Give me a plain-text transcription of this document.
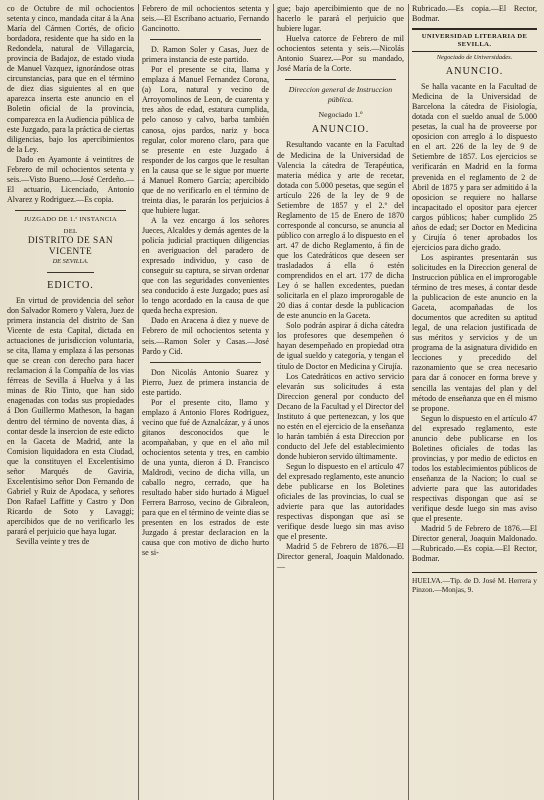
co de Octubre de mil ochocientos setenta y cinco, mandada citar á la Ana María del Cármen Cortés, de oficio bordadora, residente que ha sido en la Redondela, natural de Villagarcia, provincia de Badajoz, de estado viuda de Manuel Vazquez, ignorándose otras circunstancias, para que en el término de diez dias siguientes al en que aparezca inserta este anuncio en el Boletin oficial de la provincia, comparezca en la Audiencia pública de este Juzgado, para la práctica de ciertas diligencias, bajo los apercibimientos de la Ley.

Dado en Ayamonte á veintitres de Febrero de mil ochocientos setenta y seis.—Visto Bueno.—José Cerdeño.—El actuario, Licenciado, Antonio Alvarez y Rodriguez.—Es copia.

JUZGADO DE 1.ª INSTANCIA
DEL
DISTRITO DE SAN VICENTE
DE SEVILLA.
EDICTO.

En virtud de providencia del señor don Salvador Romero y Valera, Juez de primera instancia del distrito de San Vicente de esta Capital, dictada en actuaciones de jurisdiccion voluntaria, se cita, llama y emplaza á las personas que se crean con derecho para hacer reclamacion á la Compañía de los vias férreas de Sevilla á Huelva y á las minas de Rio Tinto, que han sido enagenadas con todas sus propiedades á Don Guillermo Matheson, la hagan dentro del término de noventa dias, á contar desde la insercion de este edicto en la Gaceta de Madrid, ante la Comision liquidadora en esta Ciudad, que la constituyen el Excelentísimo señor Marqués de Gaviria, Excelentísimo señor Don Fernando de Gabriel y Ruiz de Apodaca, y señores Don Rafael Laffitte y Castro y Don Ricardo de Soto y Lavaggi; apercibidos que de no verificarlo les parará el perjuicio que haya lugar.

Sevilla veinte y tres de

Febrero de mil ochocientos setenta y seis.—El Escribano actuario, Fernando Gancinotto.

D. Ramon Soler y Casas, Juez de primera instancia de este partido.

Por el presente se cita, llama y emplaza á Manuel Fernandez Corona, (a) Lora, natural y vecino de Arroyomolinos de Leon, de cuarenta y tres años de edad, estatura cumplida, pelo canoso y calvo, barba también canosa, ojos pardos, nariz y boca regular, color moreno claro, para que se presente en este Juzgado á responder de los cargos que le resultan en la causa que se le sigue por muerte á Manuel Romero García; apercibido que de no verificarlo en el término de treinta dias, le pararán los perjuicios á que hubiere lugar.

A la vez encargo á los señores Jueces, Alcaldes y demás agentes de la policía judicial practiquen diligencias en averiguacion del paradero de expresado individuo, y caso de conseguir su captura, se sirvan ordenar que con las seguridades convenientes sea conducido á este Juzgado; pues así lo tengo acordado en la causa de que queda hecha expresion.

Dado en Aracena á diez y nueve de Febrero de mil ochocientos setenta y seis.—Ramon Soler y Casas.—José Pardo y Cid.

Don Nicolás Antonio Suarez y Pierro, Juez de primera instancia de este partido.

Por el presente cito, llamo y emplazo á Antonio Flores Rodriguez, vecino que fué de Aznalcázar, y á unos gitanos desconocidos que le acompañaban, y que en el año mil ochocientos setenta y tres, en cambio de una yunta, dieron á D. Francisco Maldrodi, vecino de dicha villa, un caballo negro, cerrado, que ha resultado haber sido hurtado á Miguel Ferrera Barroso, vecino de Gibraleon, para que en el término de veinte dias se presenten en los estrados de este Juzgado á prestar declaracion en la causa que con motivo de dicho hurto se si-

gue; bajo apercibimiento que de no hacerlo le parará el perjuicio que hubiere lugar.

Huelva catorce de Febrero de mil ochocientos setenta y seis.—Nicolás Antonio Suarez.—Por su mandado, José María de la Corte.

Direccion general de Instruccion pública.
Negociado 1.º
ANUNCIO.

Resultando vacante en la Facultad de Medicina de la Universidad de Valencia la cátedra de Terapéutica, materia médica y arte de recetar, dotada con 5.000 pesetas, que según el artículo 226 de la ley de 9 de Setiembre de 1857 y el 2.º del Reglamento de 15 de Enero de 1870 corresponde al concurso, se anuncia al público con arreglo á lo dispuesto en el art. 47 de dicho Reglamento, á fin de que los Catedráticos que deseen ser trasladados á ella ó estén comprendidos en el art. 177 de dicha Ley ó se hallen excedentes, puedan solicitarla en el plazo improrogable de 20 dias á contar desde la publicacion de este anuncio en la Gaceta.

Solo podrán aspirar á dicha cátedra los profesores que desempeñen ó hayan desempeñado en propiedad otra de igual sueldo y categoría, y tengan el título de Doctor en Medicina y Cirujía.

Los Catedráticos en activo servicio elevarán sus solicitudes á esta Direccion general por conducto del Decano de la Facultad y el Director del Instituto á que pertenezcan, y los que no estén en el ejercicio de la enseñanza lo harán también á esta Direccion por conducto del Jefe del establecimiento donde hubieron servido últimamente.

Segun lo dispuesto en el artículo 47 del expresado reglamento, este anuncio debe publicarse en los Boletines oficiales de las provincias, lo cual se advierte para que las autoridades respectivas dispongan que así se verifique desde luego sin mas aviso que el presente.

Madrid 5 de Febrero de 1876.—El Director general, Joaquin Maldonado.—

Rubricado.—Es copia.—El Rector, Bodmar.

UNIVERSIDAD LITERARIA DE SEVILLA.
Negociado de Universidades.
ANUNCIO.

Se halla vacante en la Facultad de Medicina de la Universidad de Barcelona la cátedra de Fisiología, dotada con el sueldo anual de 5.000 pesetas, la cual ha de proveerse por oposicion con arreglo á lo dispuesto en el art. 226 de la ley de 9 de Setiembre de 1857. Los ejercicios se verificarán en Madrid en la forma prevenida en el reglamento de 2 de Abril de 1875 y para ser admitido á la oposicion se requiere no hallarse incapacitado el opositor para ejercer cargos públicos; haber cumplido 25 años de edad; ser Doctor en Medicina y Cirujía ó tener aprobados los ejercicios para dicho grado.

Los aspirantes presentarán sus solicitudes en la Direccion general de Instruccion pública en el improrogable término de tres meses, á contar desde la publicacion de este anuncio en la Gaceta, acompañadas de los documentos que acrediten su aptitud legal, de una relacion justificada de sus méritos y servicios y de un programa de la asignatura dividido en lecciones y precedido del razonamiento que se crea necesario para dar á conocer en forma breve y sencilla las ventajas del plan y del método de enseñanza que en él mismo se propone.

Segun lo dispuesto en el artículo 47 del expresado reglamento, este anuncio debe publicarse en los Boletines oficiales de todas las provincias, y por medio de edictos en todos los establecimientos públicos de enseñanza de la Nacion; lo cual se advierte para que las autoridades respectivas dispongan que así se verifique desde luego sin mas aviso que el presente.

Madrid 5 de Febrero de 1876.—El Director general, Joaquin Maldonado.—Rubricado.—Es copia.—El Rector, Bodmar.

HUELVA.—Tip. de D. José M. Herrera y Pinzon.—Monjas, 9.
